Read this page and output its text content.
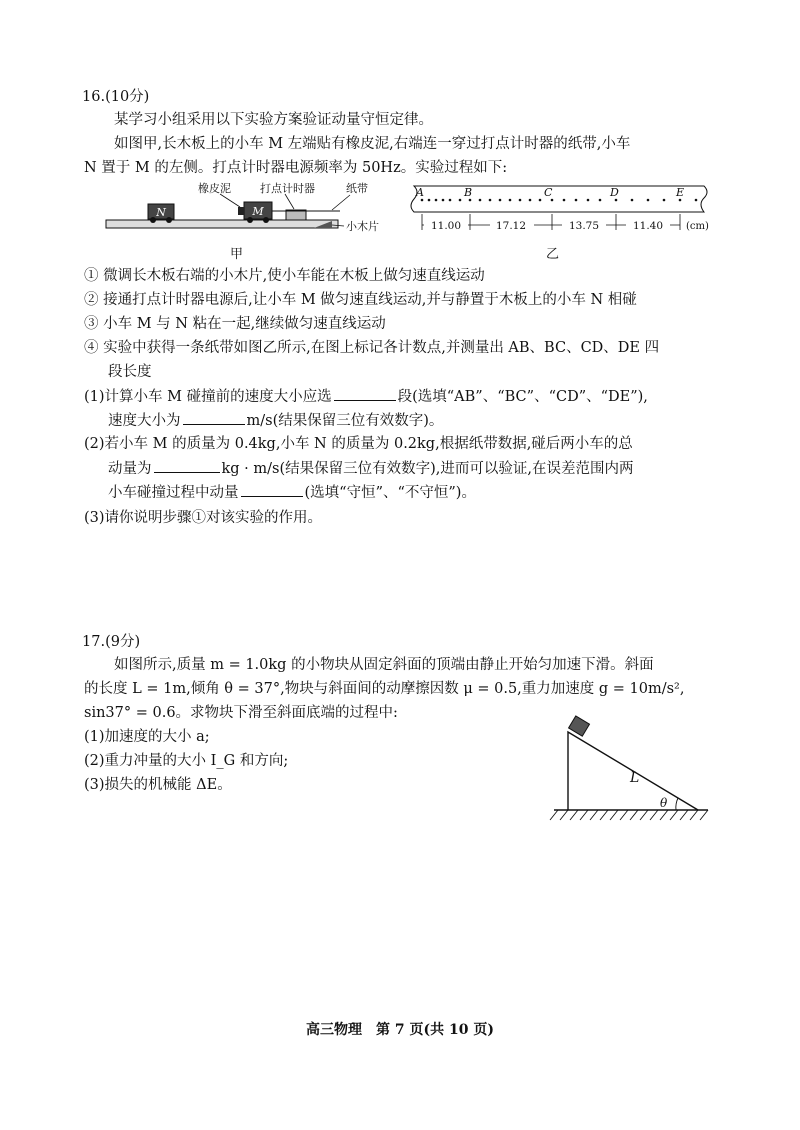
16.(10分)
某学习小组采用以下实验方案验证动量守恒定律。
如图甲,长木板上的小车 M 左端贴有橡皮泥,右端连一穿过打点计时器的纸带,小车
N 置于 M 的左侧。打点计时器电源频率为 50Hz。实验过程如下:
N	M
橡皮泥	打点计时器	纸带
小木片
甲
A	B	C	D	E
11.00	17.12	13.75	11.40 (cm)
乙
① 微调长木板右端的小木片,使小车能在木板上做匀速直线运动
② 接通打点计时器电源后,让小车 M 做匀速直线运动,并与静置于木板上的小车 N 相碰
③ 小车 M 与 N 粘在一起,继续做匀速直线运动
④ 实验中获得一条纸带如图乙所示,在图上标记各计数点,并测量出 AB、BC、CD、DE 四
段长度
(1)计算小车 M 碰撞前的速度大小应选	段(选填“AB”、“BC”、“CD”、“DE”),
速度大小为	m/s(结果保留三位有效数字)。
(2)若小车 M 的质量为 0.4kg,小车 N 的质量为 0.2kg,根据纸带数据,碰后两小车的总
动量为	kg · m/s(结果保留三位有效数字),进而可以验证,在误差范围内两
小车碰撞过程中动量	(选填“守恒”、“不守恒”)。
(3)请你说明步骤①对该实验的作用。
17.(9分)
如图所示,质量 m = 1.0kg 的小物块从固定斜面的顶端由静止开始匀加速下滑。斜面
的长度 L = 1m,倾角 θ = 37°,物块与斜面间的动摩擦因数 μ = 0.5,重力加速度 g = 10m/s²,
sin37° = 0.6。求物块下滑至斜面底端的过程中:
(1)加速度的大小 a;
(2)重力冲量的大小 I_G 和方向;
(3)损失的机械能 ΔE。	L
θ
高三物理　第 7 页(共 10 页)
